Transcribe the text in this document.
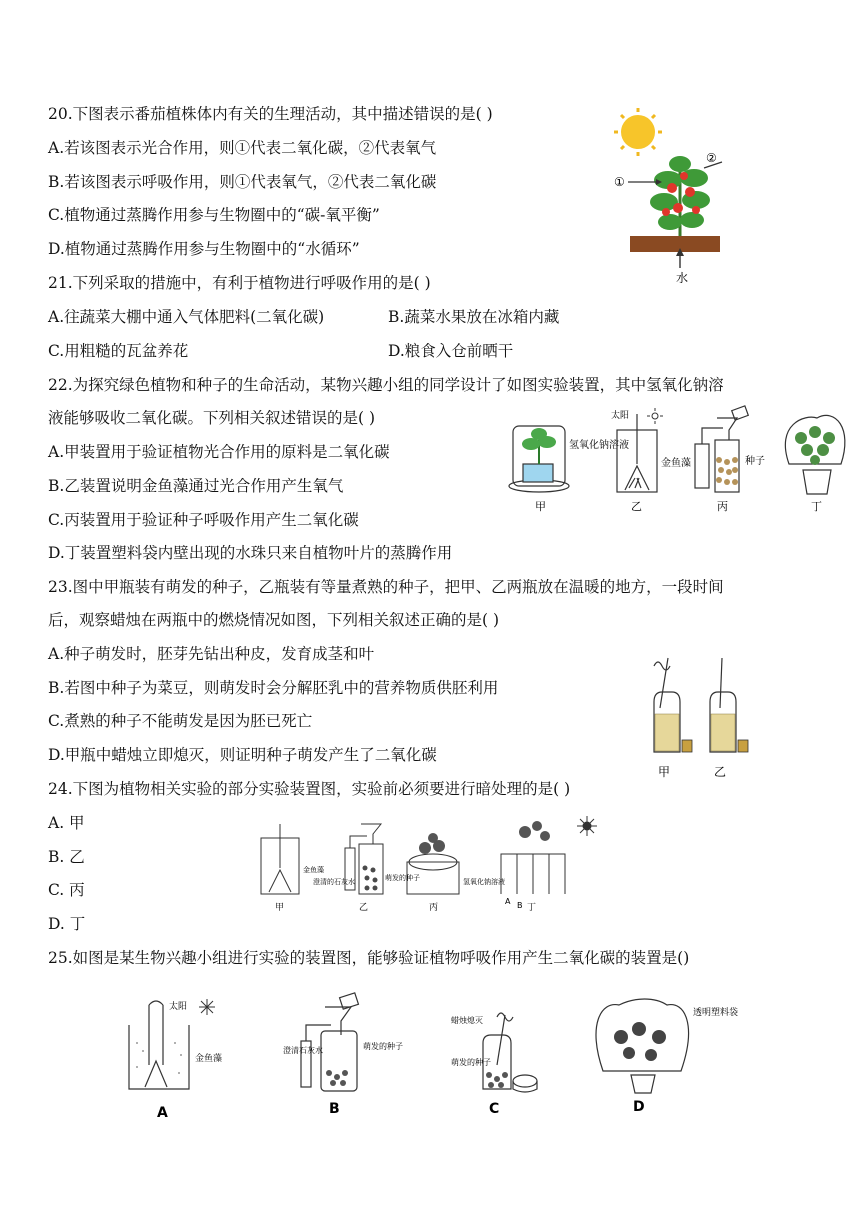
20.下图表示番茄植株体内有关的生理活动，其中描述错误的是( )
A.若该图表示光合作用，则①代表二氧化碳，②代表氧气
B.若该图表示呼吸作用，则①代表氧气，②代表二氧化碳
C.植物通过蒸腾作用参与生物圈中的“碳-氧平衡”
D.植物通过蒸腾作用参与生物圈中的“水循环”
水
①
②
21.下列采取的措施中，有利于植物进行呼吸作用的是( )
A.往蔬菜大棚中通入气体肥料(二氧化碳)	B.蔬菜水果放在冰箱内藏
C.用粗糙的瓦盆养花	D.粮食入仓前晒干
22.为探究绿色植物和种子的生命活动，某物兴趣小组的同学设计了如图实验装置，其中氢氧化钠溶
液能够吸收二氧化碳。下列相关叙述错误的是( )
A.甲装置用于验证植物光合作用的原料是二氧化碳
B.乙装置说明金鱼藻通过光合作用产生氧气
C.丙装置用于验证种子呼吸作用产生二氧化碳
D.丁装置塑料袋内壁出现的水珠只来自植物叶片的蒸腾作用
氢氧化钠溶液
甲
太阳
金鱼藻
乙
种子
丙	丁
23.图中甲瓶装有萌发的种子，乙瓶装有等量煮熟的种子，把甲、乙两瓶放在温暖的地方，一段时间
后，观察蜡烛在两瓶中的燃烧情况如图，下列相关叙述正确的是( )
A.种子萌发时，胚芽先钻出种皮，发育成茎和叶
B.若图中种子为菜豆，则萌发时会分解胚乳中的营养物质供胚利用
C.煮熟的种子不能萌发是因为胚已死亡
D.甲瓶中蜡烛立即熄灭，则证明种子萌发产生了二氧化碳
甲	乙
24.下图为植物相关实验的部分实验装置图，实验前必须要进行暗处理的是( )
A. 甲
B. 乙
C. 丙
D. 丁
金鱼藻
澄清的石灰水	萌发的种子	氢氧化钠溶液
A B
甲	乙	丙	丁
25.如图是某生物兴趣小组进行实验的装置图，能够验证植物呼吸作用产生二氧化碳的装置是()
太阳
金鱼藻
A
澄清石灰水	萌发的种子
B
蜡烛熄灭
萌发的种子
C
透明塑料袋
D
